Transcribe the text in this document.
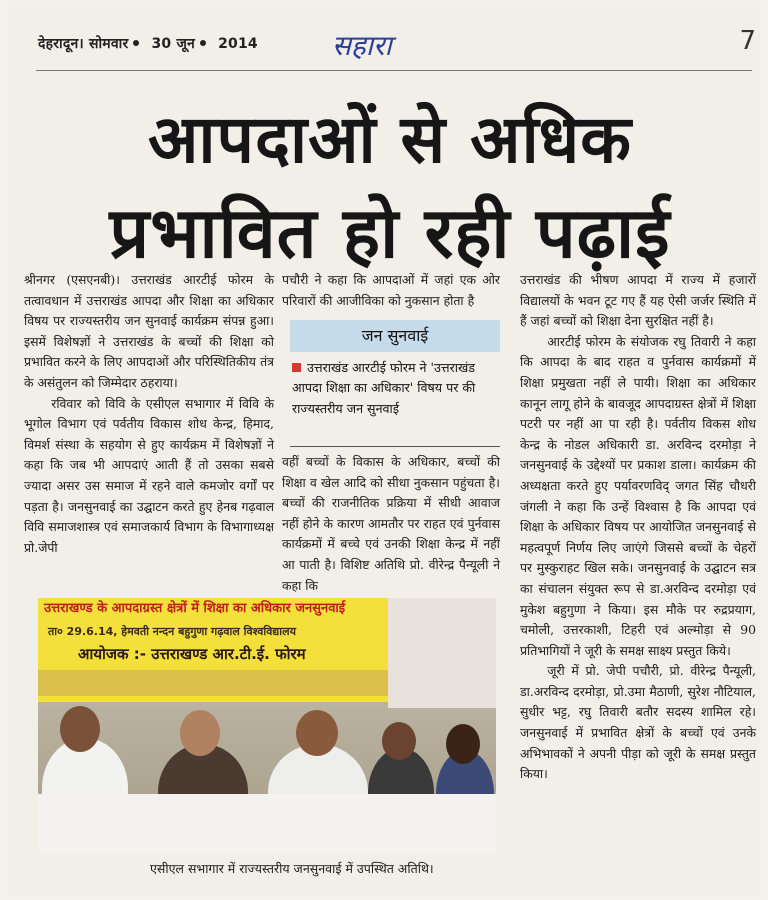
देहरादून। सोमवार 30 जून 2014	सहारा	7
आपदाओं से अधिक
प्रभावित हो रही पढ़ाई

श्रीनगर (एसएनबी)। उत्तराखंड आरटीई फोरम के तत्वावधान में उत्तराखंड आपदा और शिक्षा का अधिकार विषय पर राज्यस्तरीय जन सुनवाई कार्यक्रम संपन्न हुआ। इसमें विशेषज्ञों ने उत्तराखंड के बच्चों की शिक्षा को प्रभावित करने के लिए आपदाओं और परिस्थितिकीय तंत्र के असंतुलन को जिम्मेदार ठहराया।

रविवार को विवि के एसीएल सभागार में विवि के भूगोल विभाग एवं पर्वतीय विकास शोध केन्द्र, हिमाद, विमर्श संस्था के सहयोग से हुए कार्यक्रम में विशेषज्ञों ने कहा कि जब भी आपदाएं आती हैं तो उसका सबसे ज्यादा असर उस समाज में रहने वाले कमजोर वर्गों पर पड़ता है। जनसुनवाई का उद्घाटन करते हुए हेनब गढ़वाल विवि समाजशास्त्र एवं समाजकार्य विभाग के विभागाध्यक्ष प्रो.जेपी

पचौरी ने कहा कि आपदाओं में जहां एक ओर परिवारों की आजीविका को नुकसान होता है

जन सुनवाई
उत्तराखंड आरटीई फोरम ने 'उत्तराखंड आपदा शिक्षा का अधिकार' विषय पर की राज्यस्तरीय जन सुनवाई

वहीं बच्चों के विकास के अधिकार, बच्चों की शिक्षा व खेल आदि को सीधा नुकसान पहुंचता है। बच्चों की राजनीतिक प्रक्रिया में सीधी आवाज नहीं होने के कारण आमतौर पर राहत एवं पुर्नवास कार्यक्रमों में बच्चे एवं उनकी शिक्षा केन्द्र में नहीं आ पाती है। विशिष्ट अतिथि प्रो. वीरेन्द्र पैन्यूली ने कहा कि

उत्तराखंड की भीषण आपदा में राज्य में हजारों विद्यालयों के भवन टूट गए हैं यह ऐसी जर्जर स्थिति में हैं जहां बच्चों को शिक्षा देना सुरक्षित नहीं है।

आरटीई फोरम के संयोजक रघु तिवारी ने कहा कि आपदा के बाद राहत व पुर्नवास कार्यक्रमों में शिक्षा प्रमुखता नहीं ले पायी। शिक्षा का अधिकार कानून लागू होने के बावजूद आपदाग्रस्त क्षेत्रों में शिक्षा पटरी पर नहीं आ पा रही है। पर्वतीय विकस शोध केन्द्र के नोडल अधिकारी डा. अरविन्द दरमोड़ा ने जनसुनवाई के उद्देश्यों पर प्रकाश डाला। कार्यक्रम की अध्यक्षता करते हुए पर्यावरणविद् जगत सिंह चौधरी जंगली ने कहा कि उन्हें विश्वास है कि आपदा एवं शिक्षा के अधिकार विषय पर आयोजित जनसुनवाई से महत्वपूर्ण निर्णय लिए जाएंगे जिससे बच्चों के चेहरों पर मुस्कुराहट खिल सके। जनसुनवाई के उद्घाटन सत्र का संचालन संयुक्त रूप से डा.अरविन्द दरमोड़ा एवं मुकेश बहुगुणा ने किया। इस मौके पर रुद्रप्रयाग, चमोली, उत्तरकाशी, टिहरी एवं अल्मोड़ा से 90 प्रतिभागियों ने जूरी के समक्ष साक्ष्य प्रस्तुत किये।

जूरी में प्रो. जेपी पचौरी, प्रो. वीरेन्द्र पैन्यूली, डा.अरविन्द दरमोड़ा, प्रो.उमा मैठाणी, सुरेश नौटियाल, सुधीर भट्ट, रघु तिवारी बतौर सदस्य शामिल रहे। जनसुनवाई में प्रभावित क्षेत्रों के बच्चों एवं उनके अभिभावकों ने अपनी पीड़ा को जूरी के समक्ष प्रस्तुत किया।

उत्तराखण्ड के आपदाग्रस्त क्षेत्रों में शिक्षा का अधिकार जनसुनवाई
ता० 29.6.14, हेमवती नन्दन बहुगुणा गढ़वाल विश्वविद्यालय
आयोजक :- उत्तराखण्ड आर.टी.ई. फोरम
एसीएल सभागार में राज्यस्तरीय जनसुनवाई में उपस्थित अतिथि।
